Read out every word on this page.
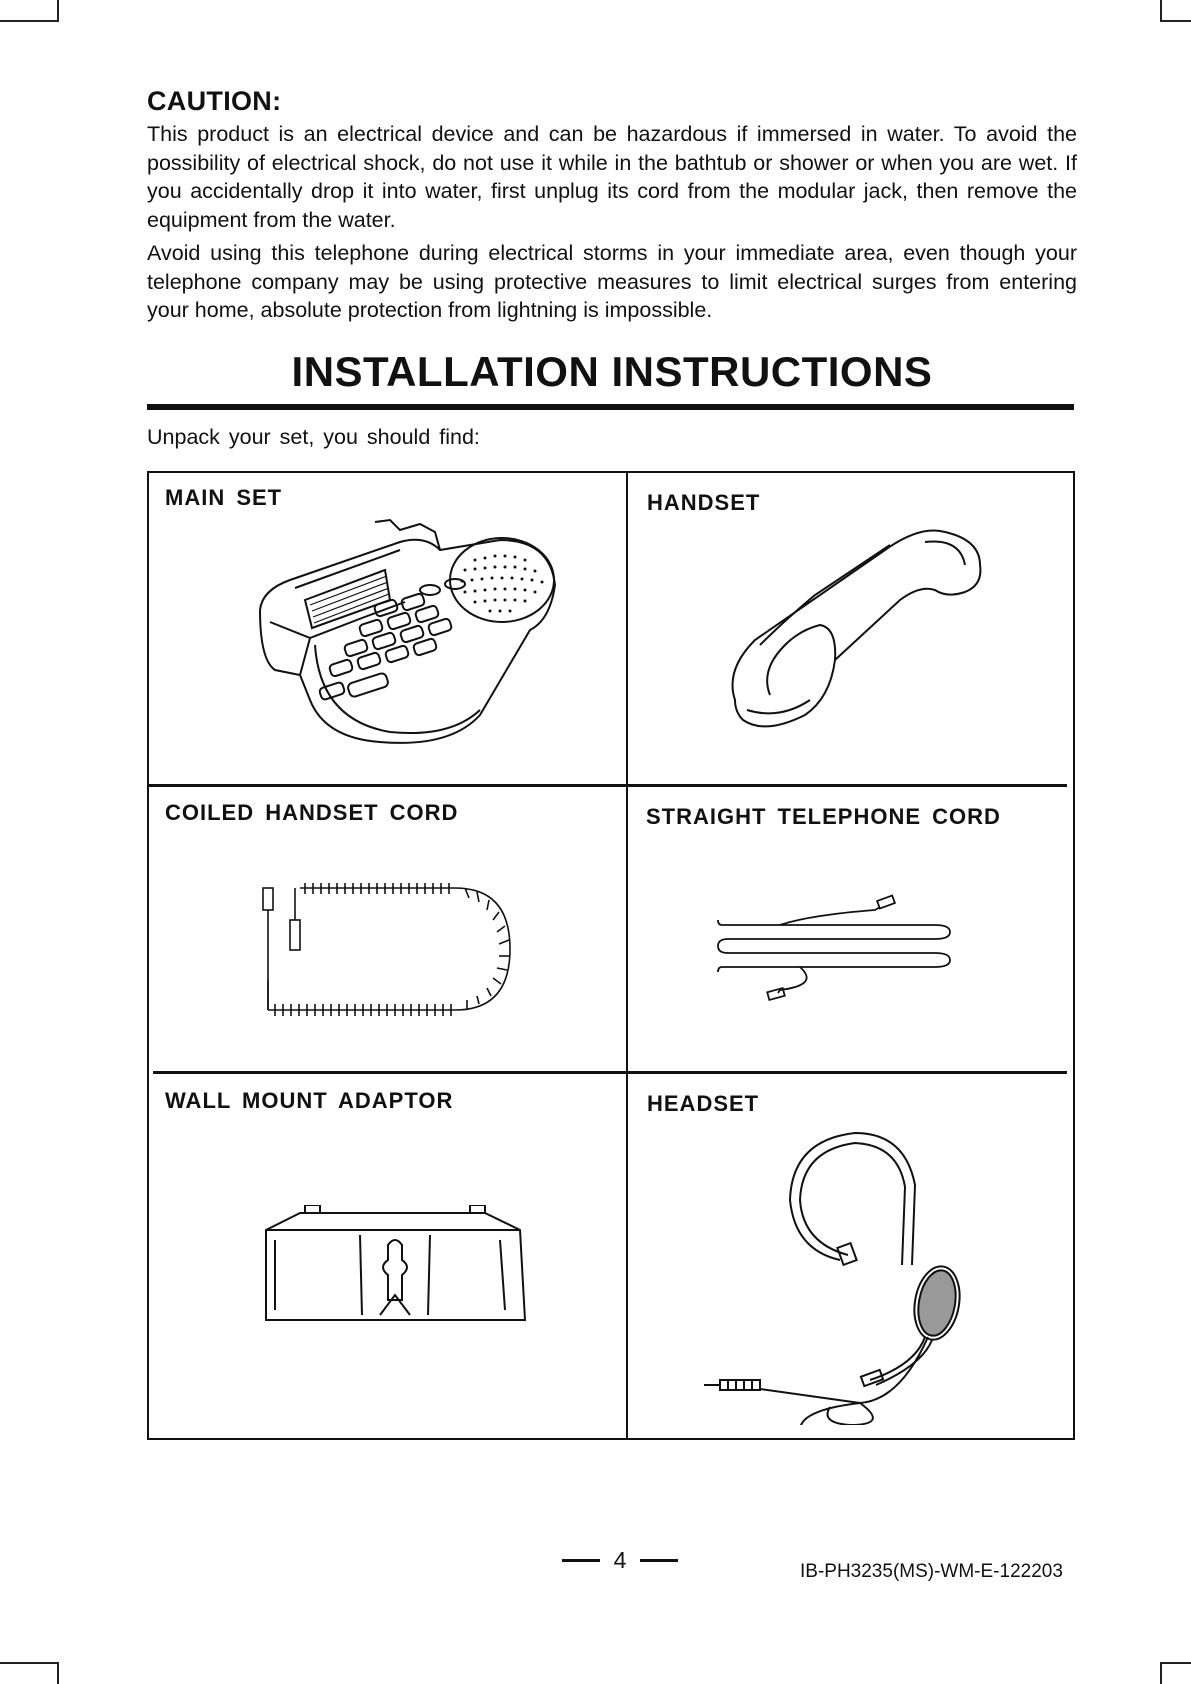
CAUTION:

This product is an electrical device and can be hazardous if immersed in water. To avoid the possibility of electrical shock, do not use it while in the bathtub or shower or when you are wet. If you accidentally drop it into water, first unplug its cord from the modular jack, then remove the equipment from the water.

Avoid using this telephone during electrical storms in your immediate area, even though your telephone company may be using protective measures to limit electrical surges from entering your home, absolute protection from lightning is impossible.

INSTALLATION INSTRUCTIONS
Unpack your set, you should find:
MAIN SET	HANDSET
COILED HANDSET CORD	STRAIGHT TELEPHONE CORD
WALL MOUNT ADAPTOR	HEADSET
4	IB-PH3235(MS)-WM-E-122203
